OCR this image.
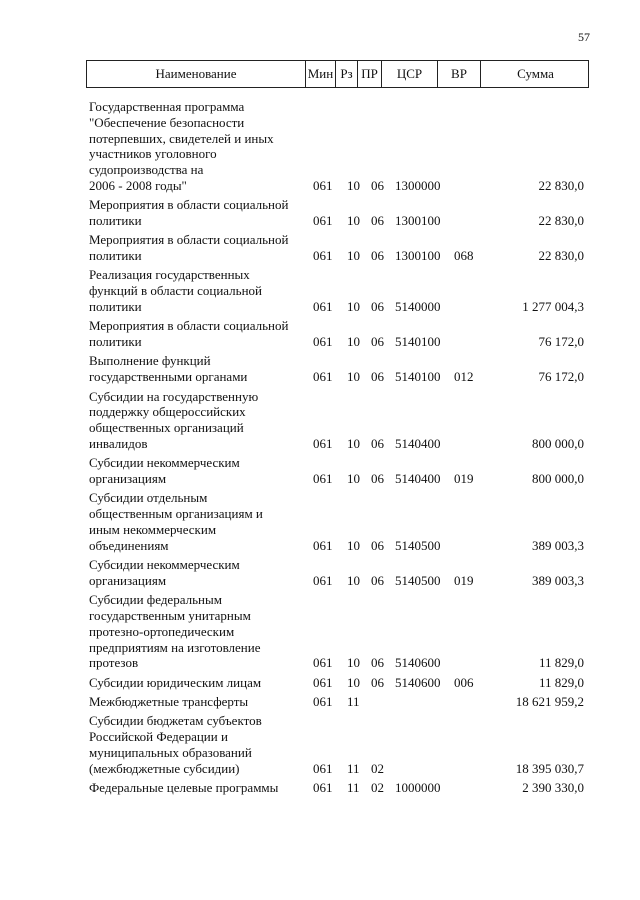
57
Наименование	Мин Рз ПР	ЦСР	ВР	Сумма
Государственная программа
"Обеспечение безопасности
потерпевших, свидетелей и иных
участников уголовного
судопроизводства на
2006 - 2008 годы"	061	10 06 1300000	22 830,0
Мероприятия в области социальной
политики	061	10 06 1300100	22 830,0
Мероприятия в области социальной
политики	061	10 06 1300100	068	22 830,0
Реализация государственных
функций в области социальной
политики	061	10 06 5140000	1 277 004,3
Мероприятия в области социальной
политики	061	10 06 5140100	76 172,0
Выполнение функций
государственными органами	061	10 06 5140100	012	76 172,0
Субсидии на государственную
поддержку общероссийских
общественных организаций
инвалидов	061	10 06 5140400	800 000,0
Субсидии некоммерческим
организациям	061	10 06 5140400	019	800 000,0
Субсидии отдельным
общественным организациям и
иным некоммерческим
объединениям	061	10 06 5140500	389 003,3
Субсидии некоммерческим
организациям	061	10 06 5140500	019	389 003,3
Субсидии федеральным
государственным унитарным
протезно-ортопедическим
предприятиям на изготовление
протезов	061	10 06 5140600	11 829,0
Субсидии юридическим лицам	061	10 06 5140600	006	11 829,0
Межбюджетные трансферты	061	11	18 621 959,2
Субсидии бюджетам субъектов
Российской Федерации и
муниципальных образований
(межбюджетные субсидии)	061	11 02	18 395 030,7
Федеральные целевые программы	061	11 02 1000000	2 390 330,0
